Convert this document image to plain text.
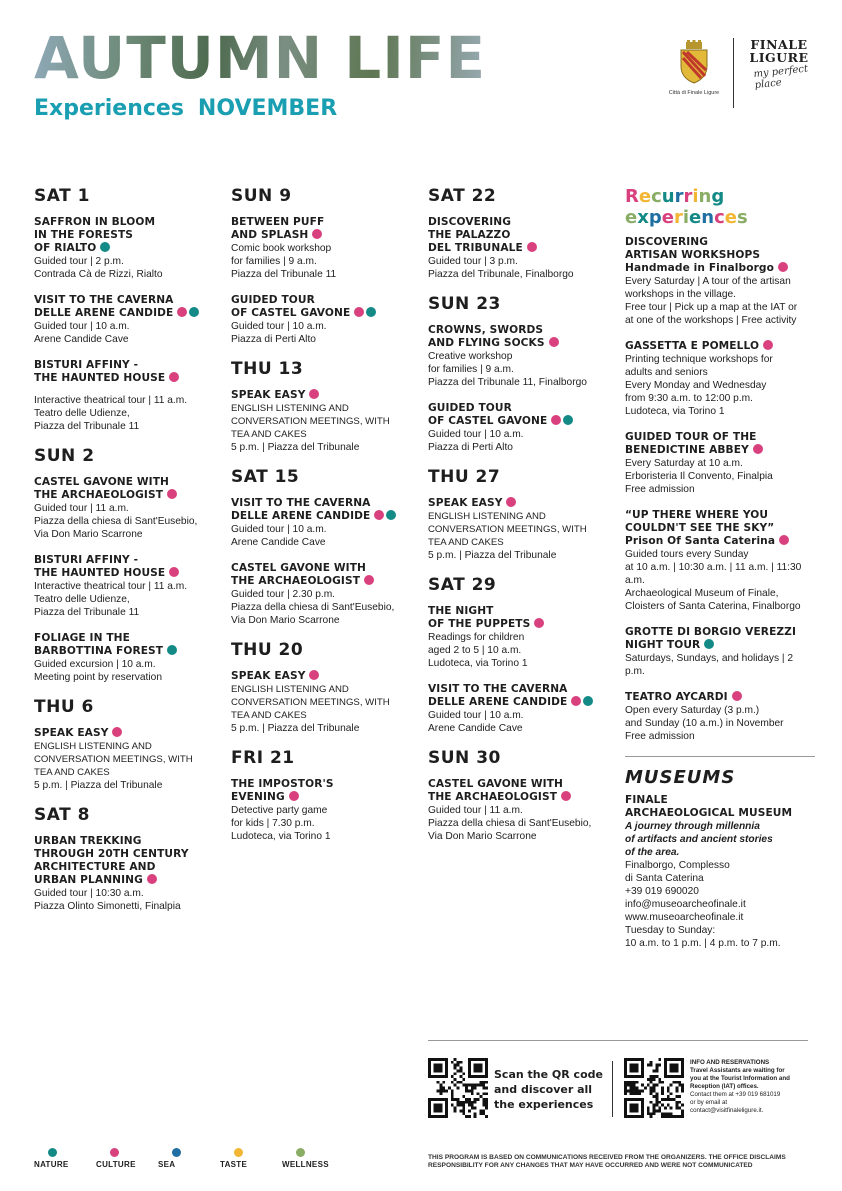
AUTUMN LIFE
Experiences NOVEMBER
Città di Finale Ligure
FINALE LIGURE
my perfect place
SAT 1
SAFFRON IN BLOOM
IN THE FORESTS
OF RIALTO
Guided tour | 2 p.m.
Contrada Cà de Rizzi, Rialto
VISIT TO THE CAVERNA
DELLE ARENE CANDIDE
Guided tour | 10 a.m.
Arene Candide Cave
BISTURI AFFINY -
THE HAUNTED HOUSE
Interactive theatrical tour | 11 a.m.
Teatro delle Udienze,
Piazza del Tribunale 11
SUN 2
CASTEL GAVONE WITH
THE ARCHAEOLOGIST
Guided tour | 11 a.m.
Piazza della chiesa di Sant'Eusebio,
Via Don Mario Scarrone
BISTURI AFFINY -
THE HAUNTED HOUSE
Interactive theatrical tour | 11 a.m.
Teatro delle Udienze,
Piazza del Tribunale 11
FOLIAGE IN THE
BARBOTTINA FOREST
Guided excursion | 10 a.m.
Meeting point by reservation
THU 6
SPEAK EASY
ENGLISH LISTENING AND
CONVERSATION MEETINGS, WITH
TEA AND CAKES
5 p.m. | Piazza del Tribunale
SAT 8
URBAN TREKKING
THROUGH 20TH CENTURY
ARCHITECTURE AND
URBAN PLANNING
Guided tour | 10:30 a.m.
Piazza Olinto Simonetti, Finalpia
SUN 9
BETWEEN PUFF
AND SPLASH
Comic book workshop
for families | 9 a.m.
Piazza del Tribunale 11
GUIDED TOUR
OF CASTEL GAVONE
Guided tour | 10 a.m.
Piazza di Perti Alto
THU 13
SPEAK EASY
ENGLISH LISTENING AND
CONVERSATION MEETINGS, WITH
TEA AND CAKES
5 p.m. | Piazza del Tribunale
SAT 15
VISIT TO THE CAVERNA
DELLE ARENE CANDIDE
Guided tour | 10 a.m.
Arene Candide Cave
CASTEL GAVONE WITH
THE ARCHAEOLOGIST
Guided tour | 2.30 p.m.
Piazza della chiesa di Sant'Eusebio,
Via Don Mario Scarrone
THU 20
SPEAK EASY
ENGLISH LISTENING AND
CONVERSATION MEETINGS, WITH
TEA AND CAKES
5 p.m. | Piazza del Tribunale
FRI 21
THE IMPOSTOR'S
EVENING
Detective party game
for kids | 7.30 p.m.
Ludoteca, via Torino 1
SAT 22
DISCOVERING
THE PALAZZO
DEL TRIBUNALE
Guided tour | 3 p.m.
Piazza del Tribunale, Finalborgo
SUN 23
CROWNS, SWORDS
AND FLYING SOCKS
Creative workshop
for families | 9 a.m.
Piazza del Tribunale 11, Finalborgo
GUIDED TOUR
OF CASTEL GAVONE
Guided tour | 10 a.m.
Piazza di Perti Alto
THU 27
SPEAK EASY
ENGLISH LISTENING AND
CONVERSATION MEETINGS, WITH
TEA AND CAKES
5 p.m. | Piazza del Tribunale
SAT 29
THE NIGHT
OF THE PUPPETS
Readings for children
aged 2 to 5 | 10 a.m.
Ludoteca, via Torino 1
VISIT TO THE CAVERNA
DELLE ARENE CANDIDE
Guided tour | 10 a.m.
Arene Candide Cave
SUN 30
CASTEL GAVONE WITH
THE ARCHAEOLOGIST
Guided tour | 11 a.m.
Piazza della chiesa di Sant'Eusebio,
Via Don Mario Scarrone
Recurring
experiences
DISCOVERING
ARTISAN WORKSHOPS
Handmade in Finalborgo
Every Saturday | A tour of the artisan
workshops in the village.
Free tour | Pick up a map at the IAT or
at one of the workshops | Free activity
GASSETTA E POMELLO
Printing technique workshops for
adults and seniors
Every Monday and Wednesday
from 9:30 a.m. to 12:00 p.m.
Ludoteca, via Torino 1
GUIDED TOUR OF THE
BENEDICTINE ABBEY
Every Saturday at 10 a.m.
Erboristeria Il Convento, Finalpia
Free admission
“UP THERE WHERE YOU
COULDN'T SEE THE SKY”
Prison Of Santa Caterina
Guided tours every Sunday
at 10 a.m. | 10:30 a.m. | 11 a.m. | 11:30 a.m.
Archaeological Museum of Finale,
Cloisters of Santa Caterina, Finalborgo
GROTTE DI BORGIO VEREZZI
NIGHT TOUR
Saturdays, Sundays, and holidays | 2 p.m.
TEATRO AYCARDI
Open every Saturday (3 p.m.)
and Sunday (10 a.m.) in November
Free admission
MUSEUMS
FINALE
ARCHAEOLOGICAL MUSEUM
A journey through millennia
of artifacts and ancient stories
of the area.
Finalborgo, Complesso
di Santa Caterina
+39 019 690020
info@museoarcheofinale.it
www.museoarcheofinale.it
Tuesday to Sunday:
10 a.m. to 1 p.m. | 4 p.m. to 7 p.m.
Scan the QR code
and discover all
the experiences
INFO AND RESERVATIONS
Travel Assistants are waiting for
you at the Tourist Information and
Reception (IAT) offices.
Contact them at +39 019 681019
or by email at
contact@visitfinaleligure.it.
NATURE	CULTURE	SEA	TASTE	WELLNESS
THIS PROGRAM IS BASED ON COMMUNICATIONS RECEIVED FROM THE ORGANIZERS. THE OFFICE DISCLAIMS
RESPONSIBILITY FOR ANY CHANGES THAT MAY HAVE OCCURRED AND WERE NOT COMMUNICATED
